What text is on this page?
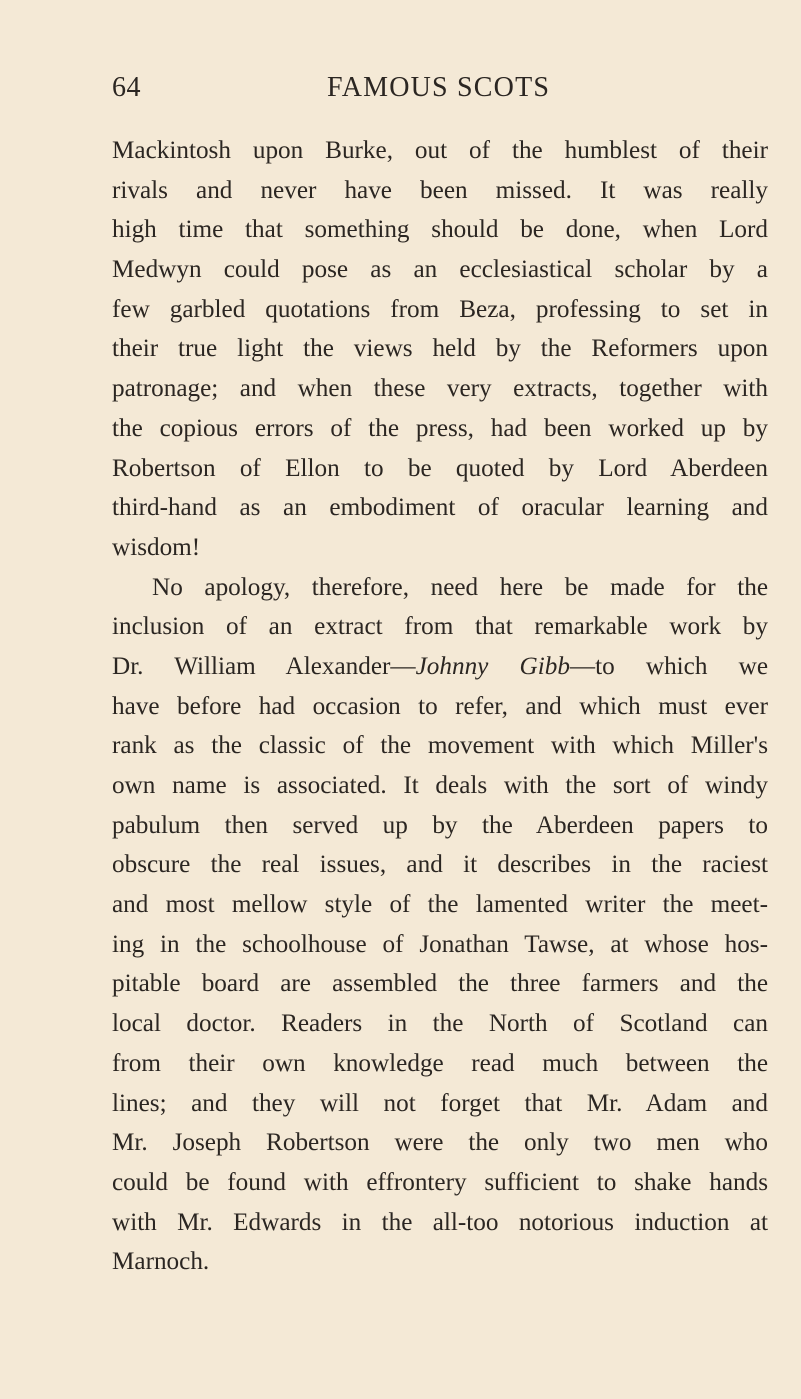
64	FAMOUS SCOTS
Mackintosh upon Burke, out of the humblest of their
rivals and never have been missed. It was really
high time that something should be done, when Lord
Medwyn could pose as an ecclesiastical scholar by a
few garbled quotations from Beza, professing to set in
their true light the views held by the Reformers upon
patronage; and when these very extracts, together with
the copious errors of the press, had been worked up by
Robertson of Ellon to be quoted by Lord Aberdeen
third-hand as an embodiment of oracular learning and
wisdom!
No apology, therefore, need here be made for the
inclusion of an extract from that remarkable work by
Dr. William Alexander—Johnny Gibb—to which we
have before had occasion to refer, and which must ever
rank as the classic of the movement with which Miller's
own name is associated. It deals with the sort of windy
pabulum then served up by the Aberdeen papers to
obscure the real issues, and it describes in the raciest
and most mellow style of the lamented writer the meet-
ing in the schoolhouse of Jonathan Tawse, at whose hos-
pitable board are assembled the three farmers and the
local doctor. Readers in the North of Scotland can
from their own knowledge read much between the
lines; and they will not forget that Mr. Adam and
Mr. Joseph Robertson were the only two men who
could be found with effrontery sufficient to shake hands
with Mr. Edwards in the all-too notorious induction at
Marnoch.
